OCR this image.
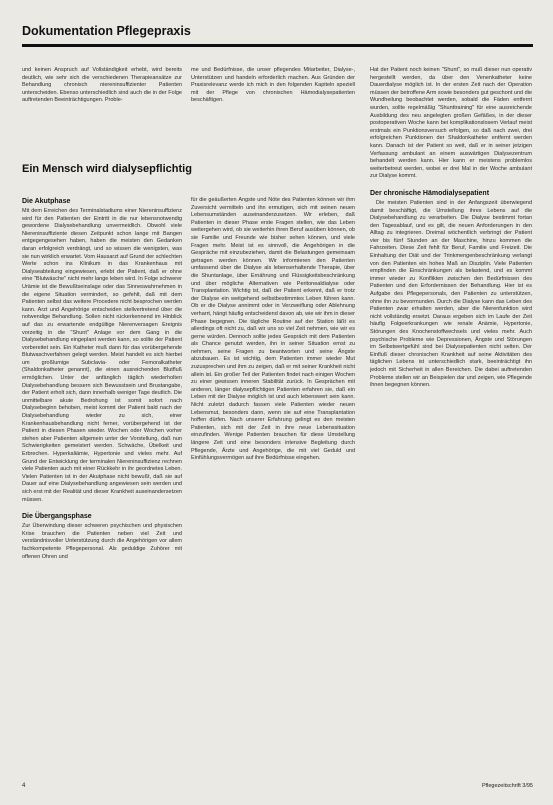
Dokumentation Pflegepraxis

und keinen Anspruch auf Vollständigkeit erhebt, wird bereits deutlich, wie sehr sich die verschiedenen Therapieansätze zur Behandlung chronisch niereninsuffizienter Patienten unterscheiden. Ebenso unterschiedlich sind auch die in der Folge auftretenden Beeinträchtigungen. Proble-

me und Bedürfnisse, die unser pflegendes Mitarbeiter, Dialyse-, Unterstützen und handeln erforderlich machen. Aus Gründen der Praxisrelevanz werde ich mich in den folgenden Kapiteln speziell mit der Pflege von chronischen Hämodialysepatienten beschäftigen.

Hat der Patient noch keinen "Shunt", so muß dieser nun operativ hergestellt werden, da über den Venenkatheter keine Dauerdialyse möglich ist. In der ersten Zeit nach der Operation müssen der betroffene Arm sowie besonders gut geschont und die Wundheilung beobachtet werden, sobald die Fäden entfernt wurden, sollte regelmäßig "Shunttraining" für eine ausreichende Ausbildung des neu angelegten großen Gefäßes, in der dieser postoperativen Woche kann bei komplikationslosem Verlauf meist erstmals ein Punktionsversuch erfolgen, so daß nach zwei, drei erfolgreichen Punktionen der Shaldonkatheter entfernt werden kann. Danach ist der Patient so weit, daß er in seiner jetzigen Verfassung ambulant an einem auswärtigen Dialysezentrum behandelt werden kann. Hier kann er meistens problemlos weiterbetreut werden, wobei er drei Mal in der Woche ambulant zur Dialyse kommt.

Der chronische Hämodialysepatient

Die meisten Patienten sind in der Anfangszeit überwiegend damit beschäftigt, die Umstellung ihres Lebens auf die Dialysebehandlung zu verarbeiten. Die Dialyse bestimmt fortan den Tagesablauf, und es gilt, die neuen Anforderungen in den Alltag zu integrieren. Dreimal wöchentlich verbringt der Patient vier bis fünf Stunden an der Maschine, hinzu kommen die Fahrzeiten. Diese Zeit fehlt für Beruf, Familie und Freizeit. Die Einhaltung der Diät und der Trinkmengenbeschränkung verlangt von den Patienten ein hohes Maß an Disziplin. Viele Patienten empfinden die Einschränkungen als belastend, und es kommt immer wieder zu Konflikten zwischen den Bedürfnissen des Patienten und den Erfordernissen der Behandlung. Hier ist es Aufgabe des Pflegepersonals, den Patienten zu unterstützen, ohne ihn zu bevormunden. Durch die Dialyse kann das Leben des Patienten zwar erhalten werden, aber die Nierenfunktion wird nicht vollständig ersetzt. Daraus ergeben sich im Laufe der Zeit häufig Folgeerkrankungen wie renale Anämie, Hypertonie, Störungen des Knochenstoffwechsels und vieles mehr. Auch psychische Probleme wie Depressionen, Ängste und Störungen im Selbstwertgefühl sind bei Dialysepatienten nicht selten. Der Einfluß dieser chronischen Krankheit auf seine Aktivitäten des täglichen Lebens ist unterschiedlich stark, beeinträchtigt ihn jedoch mit Sicherheit in allen Bereichen. Die dabei auftretenden Probleme stellen wir an Beispielen dar und zeigen, wie Pflegende ihnen begegnen können.

Ein Mensch wird dialysepflichtig
Die Akutphase

Mit dem Erreichen des Terminalstadiums einer Niereninsuffizienz wird für den Patienten der Eintritt in die nur lebensnotwendig gewordene Dialysebehandlung unvermeidlich. Obwohl viele Niereninsuffiziente diesen Zeitpunkt schon lange mit Bangen entgegengesehen haben, haben die meisten den Gedanken daran erfolgreich verdrängt, und so wissen die wenigsten, was sie nun wirklich erwartet. Vom Hausarzt auf Grund der schlechten Werte schon ins Klinikum in das Krankenhaus mit Dialyseabteilung eingewiesen, erlebt der Patient, daß er ohne eine "Blutwäsche" nicht mehr lange leben wird. In Folge schwerer Urämie ist die Bewußtseinslage oder das Sinneswahrnehmen in die eigene Situation vermindert, so gefehlt, daß mit dem Patienten selbst das weitere Procedere nicht besprochen werden kann. Arzt und Angehörige entscheiden stellvertretend über die notwendige Behandlung. Sollen nicht rückerkennend im Hinblick auf das zu erwartende endgültige Nierenversagen Ereignis vorzeitig in die "Shunt" Anlage vor dem Gang in die Dialysebehandlung eingeplant werden kann, so sollte der Patient vorbereitet sein. Ein Katheter muß dann für das vorübergehende Blutwaschverfahren gelegt werden. Meist handelt es sich hierbei um großlumige Subclavia- oder Femoralkatheter (Shaldonkatheter genannt), die einen ausreichenden Blutfluß ermöglichen. Unter der anfänglich täglich wiederholten Dialysebehandlung bessern sich Bewusstsein und Brustangabe, der Patient erholt sich, dann innerhalb weniger Tage deutlich. Die unmittelbare akute Bedrohung ist somit sofort nach Dialysebeginn behoben, meist kommt der Patient bald nach der Dialysebehandlung wieder zu sich, einer Krankenhausbehandlung nicht ferner, vorübergehend ist der Patient in diesen Phasen wieder. Wochen oder Wochen vorher stehen aber Patienten allgemein unter der Vorstellung, daß nun Schwierigkeiten gemeistert werden. Schwäche, Übelkeit und Erbrechen. Hyperkaliämie, Hypertonie und vieles mehr. Auf Grund der Entwicklung der terminalen Niereninsuffizienz rechnen viele Patienten auch mit einer Rückkehr in ihr geordnetes Leben. Vielen Patienten ist in der Akutphase nicht bewußt, daß sie auf Dauer auf eine Dialysebehandlung angewiesen sein werden und sich erst mit der Realität und dieser Krankheit auseinandersetzen müssen.

Die Übergangsphase

Zur Überwindung dieser schweren psychischen und physischen Krise brauchen die Patienten neben viel Zeit und verständnisvoller Unterstützung durch die Angehörigen vor allem fachkompetente Pflegepersonal. Als geduldige Zuhörer mit offenen Ohren und

für die geäußerten Ängste und Nöte des Patienten können wir ihm Zuversicht vermitteln und ihn ermutigen, sich mit seinen neuen Lebensumständen auseinanderzusetzen. Wir erleben, daß Patienten in dieser Phase erste Fragen stellen, wie das Leben weitergehen wird, ob sie weiterhin ihren Beruf ausüben können, ob sie Familie und Freunde wie bisher sehen können, und viele Fragen mehr. Meist ist es sinnvoll, die Angehörigen in die Gespräche mit einzubeziehen, damit die Belastungen gemeinsam getragen werden können. Wir informieren den Patienten umfassend über die Dialyse als lebenserhaltende Therapie, über die Shuntanlage, über Ernährung und Flüssigkeitsbeschränkung und über mögliche Alternativen wie Peritonealdialyse oder Transplantation. Wichtig ist, daß der Patient erkennt, daß er trotz der Dialyse ein weitgehend selbstbestimmtes Leben führen kann. Ob er die Dialyse annimmt oder in Verzweiflung oder Ablehnung verharrt, hängt häufig entscheidend davon ab, wie wir ihm in dieser Phase begegnen. Die tägliche Routine auf der Station läßt es allerdings oft nicht zu, daß wir uns so viel Zeit nehmen, wie wir es gerne würden. Dennoch sollte jedes Gespräch mit dem Patienten als Chance genutzt werden, ihn in seiner Situation ernst zu nehmen, seine Fragen zu beantworten und seine Ängste abzubauen. Es ist wichtig, dem Patienten immer wieder Mut zuzusprechen und ihm zu zeigen, daß er mit seiner Krankheit nicht allein ist. Ein großer Teil der Patienten findet nach einigen Wochen zu einer gewissen inneren Stabilität zurück. In Gesprächen mit anderen, länger dialysepflichtigen Patienten erfahren sie, daß ein Leben mit der Dialyse möglich ist und auch lebenswert sein kann. Nicht zuletzt dadurch fassen viele Patienten wieder neuen Lebensmut, besonders dann, wenn sie auf eine Transplantation hoffen dürfen. Nach unserer Erfahrung gelingt es den meisten Patienten, sich mit der Zeit in ihre neue Lebenssituation einzufinden. Wenige Patienten brauchen für diese Umstellung längere Zeit und eine besonders intensive Begleitung durch Pflegende, Ärzte und Angehörige, die mit viel Geduld und Einfühlungsvermögen auf ihre Bedürfnisse eingehen.

4	Pflegezeitschrift 3/95
